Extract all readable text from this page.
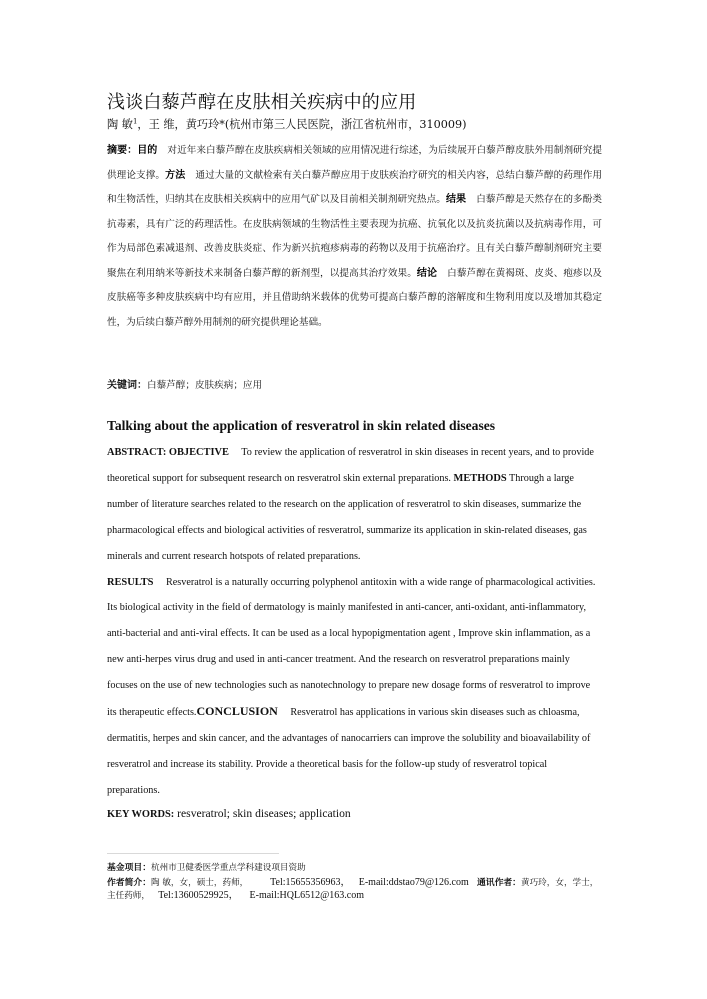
浅谈白藜芦醇在皮肤相关疾病中的应用
陶 敏$^1$，王 维，黄巧玲*(杭州市第三人民医院，浙江省杭州市，310009)
摘要：目的 对近年来白藜芦醇在皮肤疾病相关领域的应用情况进行综述，为后续展开白藜芦醇皮肤外用制剂研究提供理论支撑。方法 通过大量的文献检索有关白藜芦醇应用于皮肤疾治疗研究的相关内容，总结白藜芦醇的药理作用和生物活性，归纳其在皮肤相关疾病中的应用气矿以及目前相关制剂研究热点。结果 白藜芦醇是天然存在的多酚类抗毒素，具有广泛的药理活性。在皮肤病领域的生物活性主要表现为抗癌、抗氧化以及抗炎抗菌以及抗病毒作用，可作为局部色素减退剂、改善皮肤炎症、作为新兴抗疱疹病毒的药物以及用于抗癌治疗。且有关白藜芦醇制剂研究主要聚焦在利用纳米等新技术来制备白藜芦醇的新剂型，以提高其治疗效果。结论 白藜芦醇在黄褐斑、皮炎、疱疹以及皮肤癌等多种皮肤疾病中均有应用，并且借助纳米载体的优势可提高白藜芦醇的溶解度和生物利用度以及增加其稳定性，为后续白藜芦醇外用制剂的研究提供理论基础。
关键词：白藜芦醇；皮肤疾病；应用
Talking about the application of resveratrol in skin related diseases
ABSTRACT: OBJECTIVE To review the application of resveratrol in skin diseases in recent years, and to provide theoretical support for subsequent research on resveratrol skin external preparations. METHODS Through a large number of literature searches related to the research on the application of resveratrol to skin diseases, summarize the pharmacological effects and biological activities of resveratrol, summarize its application in skin-related diseases, gas minerals and current research hotspots of related preparations.
RESULTS Resveratrol is a naturally occurring polyphenol antitoxin with a wide range of pharmacological activities. Its biological activity in the field of dermatology is mainly manifested in anti-cancer, anti-oxidant, anti-inflammatory, anti-bacterial and anti-viral effects. It can be used as a local hypopigmentation agent , Improve skin inflammation, as a new anti-herpes virus drug and used in anti-cancer treatment. And the research on resveratrol preparations mainly focuses on the use of new technologies such as nanotechnology to prepare new dosage forms of resveratrol to improve its therapeutic effects.CONCLUSION Resveratrol has applications in various skin diseases such as chloasma, dermatitis, herpes and skin cancer, and the advantages of nanocarriers can improve the solubility and bioavailability of resveratrol and increase its stability. Provide a theoretical basis for the follow-up study of resveratrol topical preparations.
KEY WORDS: resveratrol; skin diseases; application
基金项目：杭州市卫健委医学重点学科建设项目资助
作者简介：陶 敏，女，硕士，药师， Tel:15655356963， E-mail:ddstao79@126.com 通讯作者：黄巧玲，女，学士，
主任药师， Tel:13600529925， E-mail:HQL6512@163.com
